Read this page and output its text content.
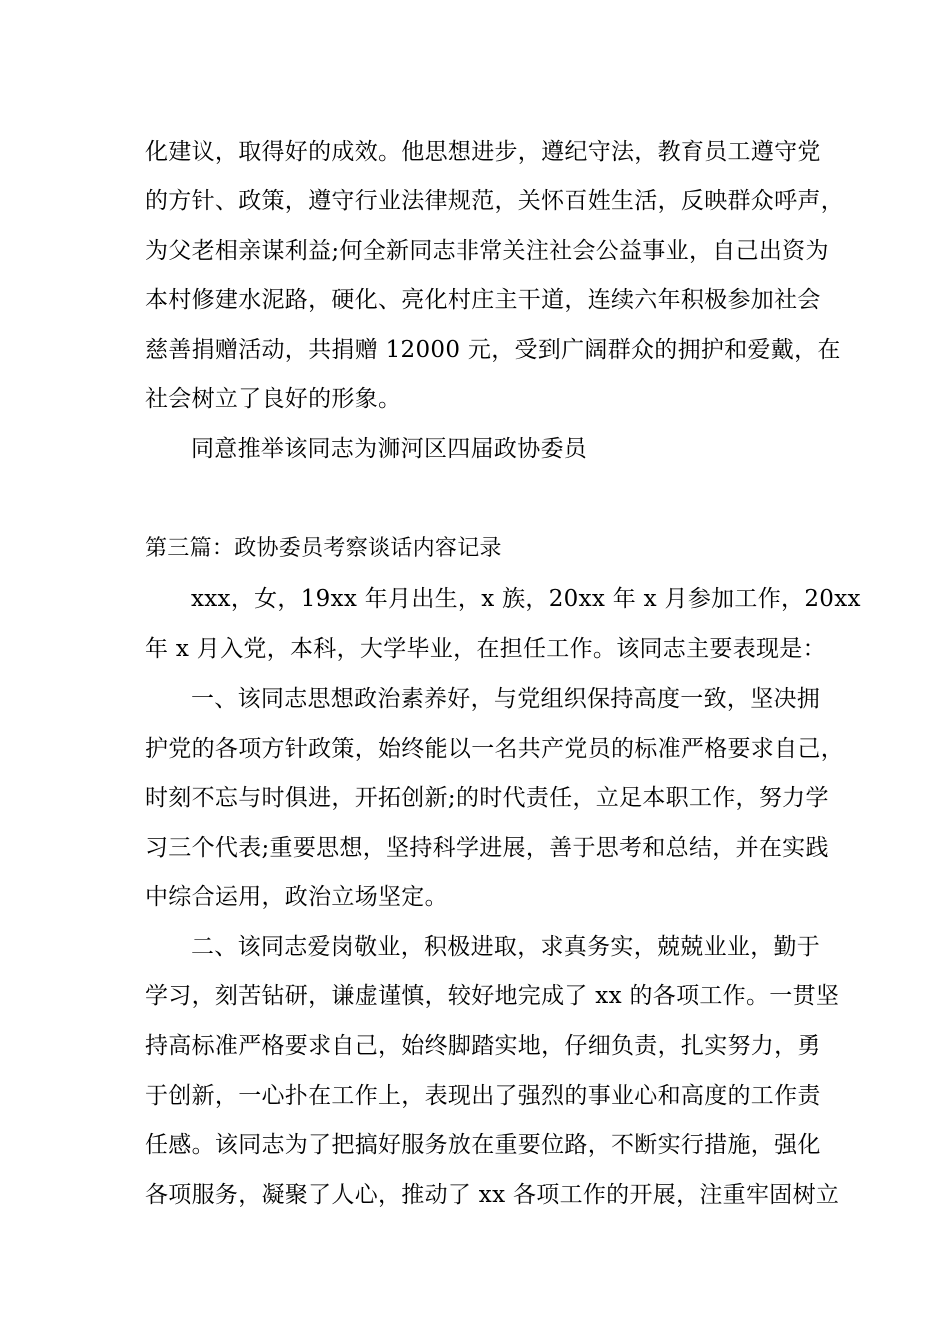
化建议，取得好的成效。他思想进步，遵纪守法，教育员工遵守党
的方针、政策，遵守行业法律规范，关怀百姓生活，反映群众呼声，
为父老相亲谋利益;何全新同志非常关注社会公益事业，自己出资为
本村修建水泥路，硬化、亮化村庄主干道，连续六年积极参加社会
慈善捐赠活动，共捐赠 12000 元，受到广阔群众的拥护和爱戴，在
社会树立了良好的形象。
同意推举该同志为浉河区四届政协委员
第三篇：政协委员考察谈话内容记录
xxx，女，19xx 年月出生，x 族，20xx 年 x 月参加工作，20xx
年 x 月入党，本科，大学毕业，在担任工作。该同志主要表现是：
一、该同志思想政治素养好，与党组织保持高度一致，坚决拥
护党的各项方针政策，始终能以一名共产党员的标准严格要求自己，
时刻不忘与时俱进，开拓创新;的时代责任，立足本职工作，努力学
习三个代表;重要思想，坚持科学进展，善于思考和总结，并在实践
中综合运用，政治立场坚定。
二、该同志爱岗敬业，积极进取，求真务实，兢兢业业，勤于
学习，刻苦钻研，谦虚谨慎，较好地完成了 xx 的各项工作。一贯坚
持高标准严格要求自己，始终脚踏实地，仔细负责，扎实努力，勇
于创新，一心扑在工作上，表现出了强烈的事业心和高度的工作责
任感。该同志为了把搞好服务放在重要位路，不断实行措施，强化
各项服务，凝聚了人心，推动了 xx 各项工作的开展，注重牢固树立
